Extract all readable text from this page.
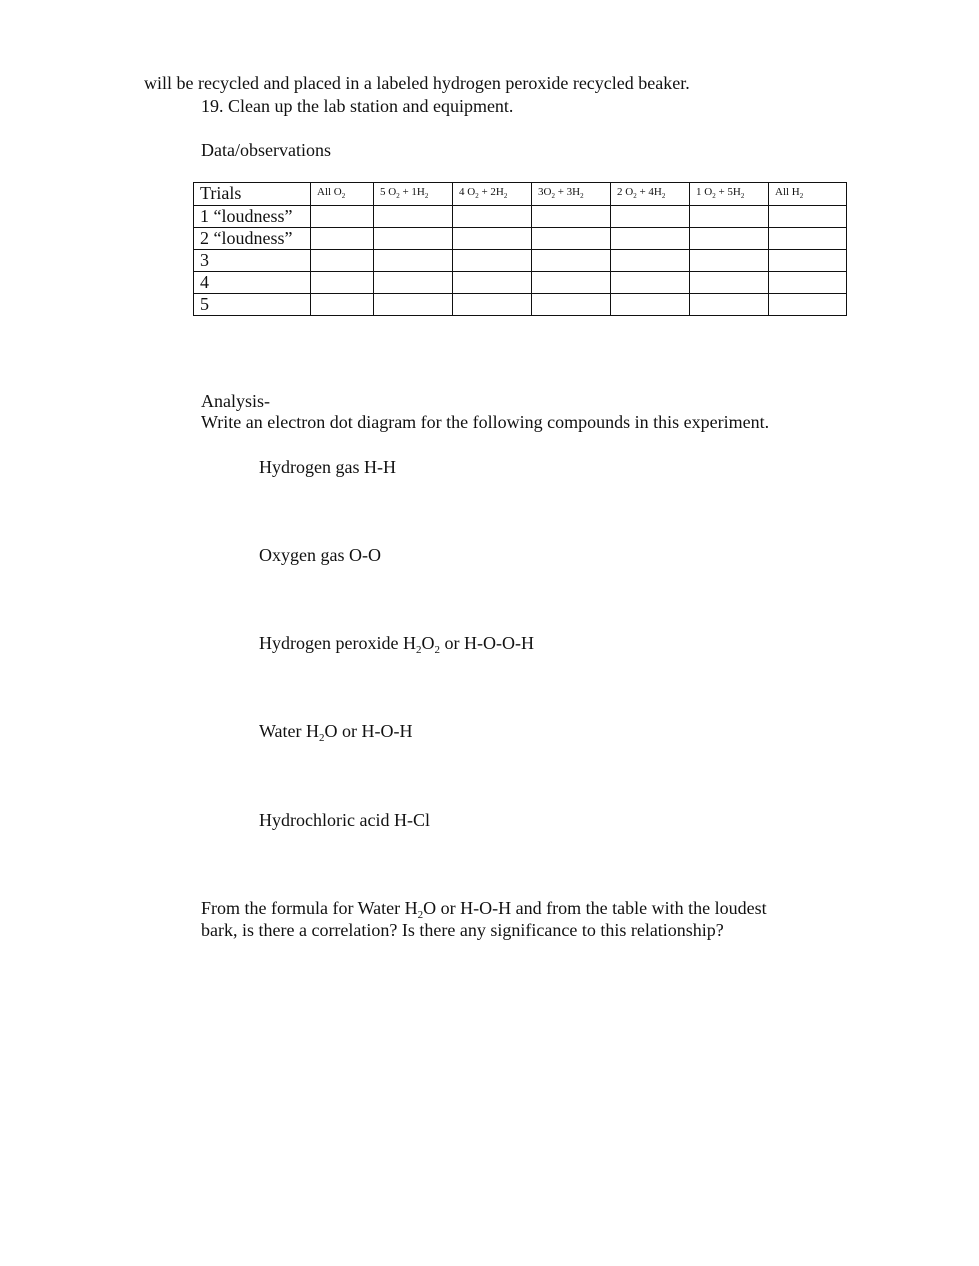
will be recycled and placed in a labeled hydrogen peroxide recycled beaker.
19. Clean up the lab station and equipment.
Data/observations
Trials	All $O_2$	5 $O_2 + 1H_2$	4 $O_2 + 2H_2$	$3O_2 + 3H_2$	2 $O_2 + 4H_2$	1 $O_2 + 5H_2$	All $H_2$
1 “loudness”							
2 “loudness”							
3							
4							
5							
Analysis-
Write an electron dot diagram for the following compounds in this experiment.
Hydrogen gas H-H
Oxygen gas O-O
Hydrogen peroxide $H_2O_2$ or H-O-O-H
Water $H_2O$ or H-O-H
Hydrochloric acid H-Cl
From the formula for Water $H_2O$ or H-O-H and from the table with the loudest
bark, is there a correlation? Is there any significance to this relationship?
